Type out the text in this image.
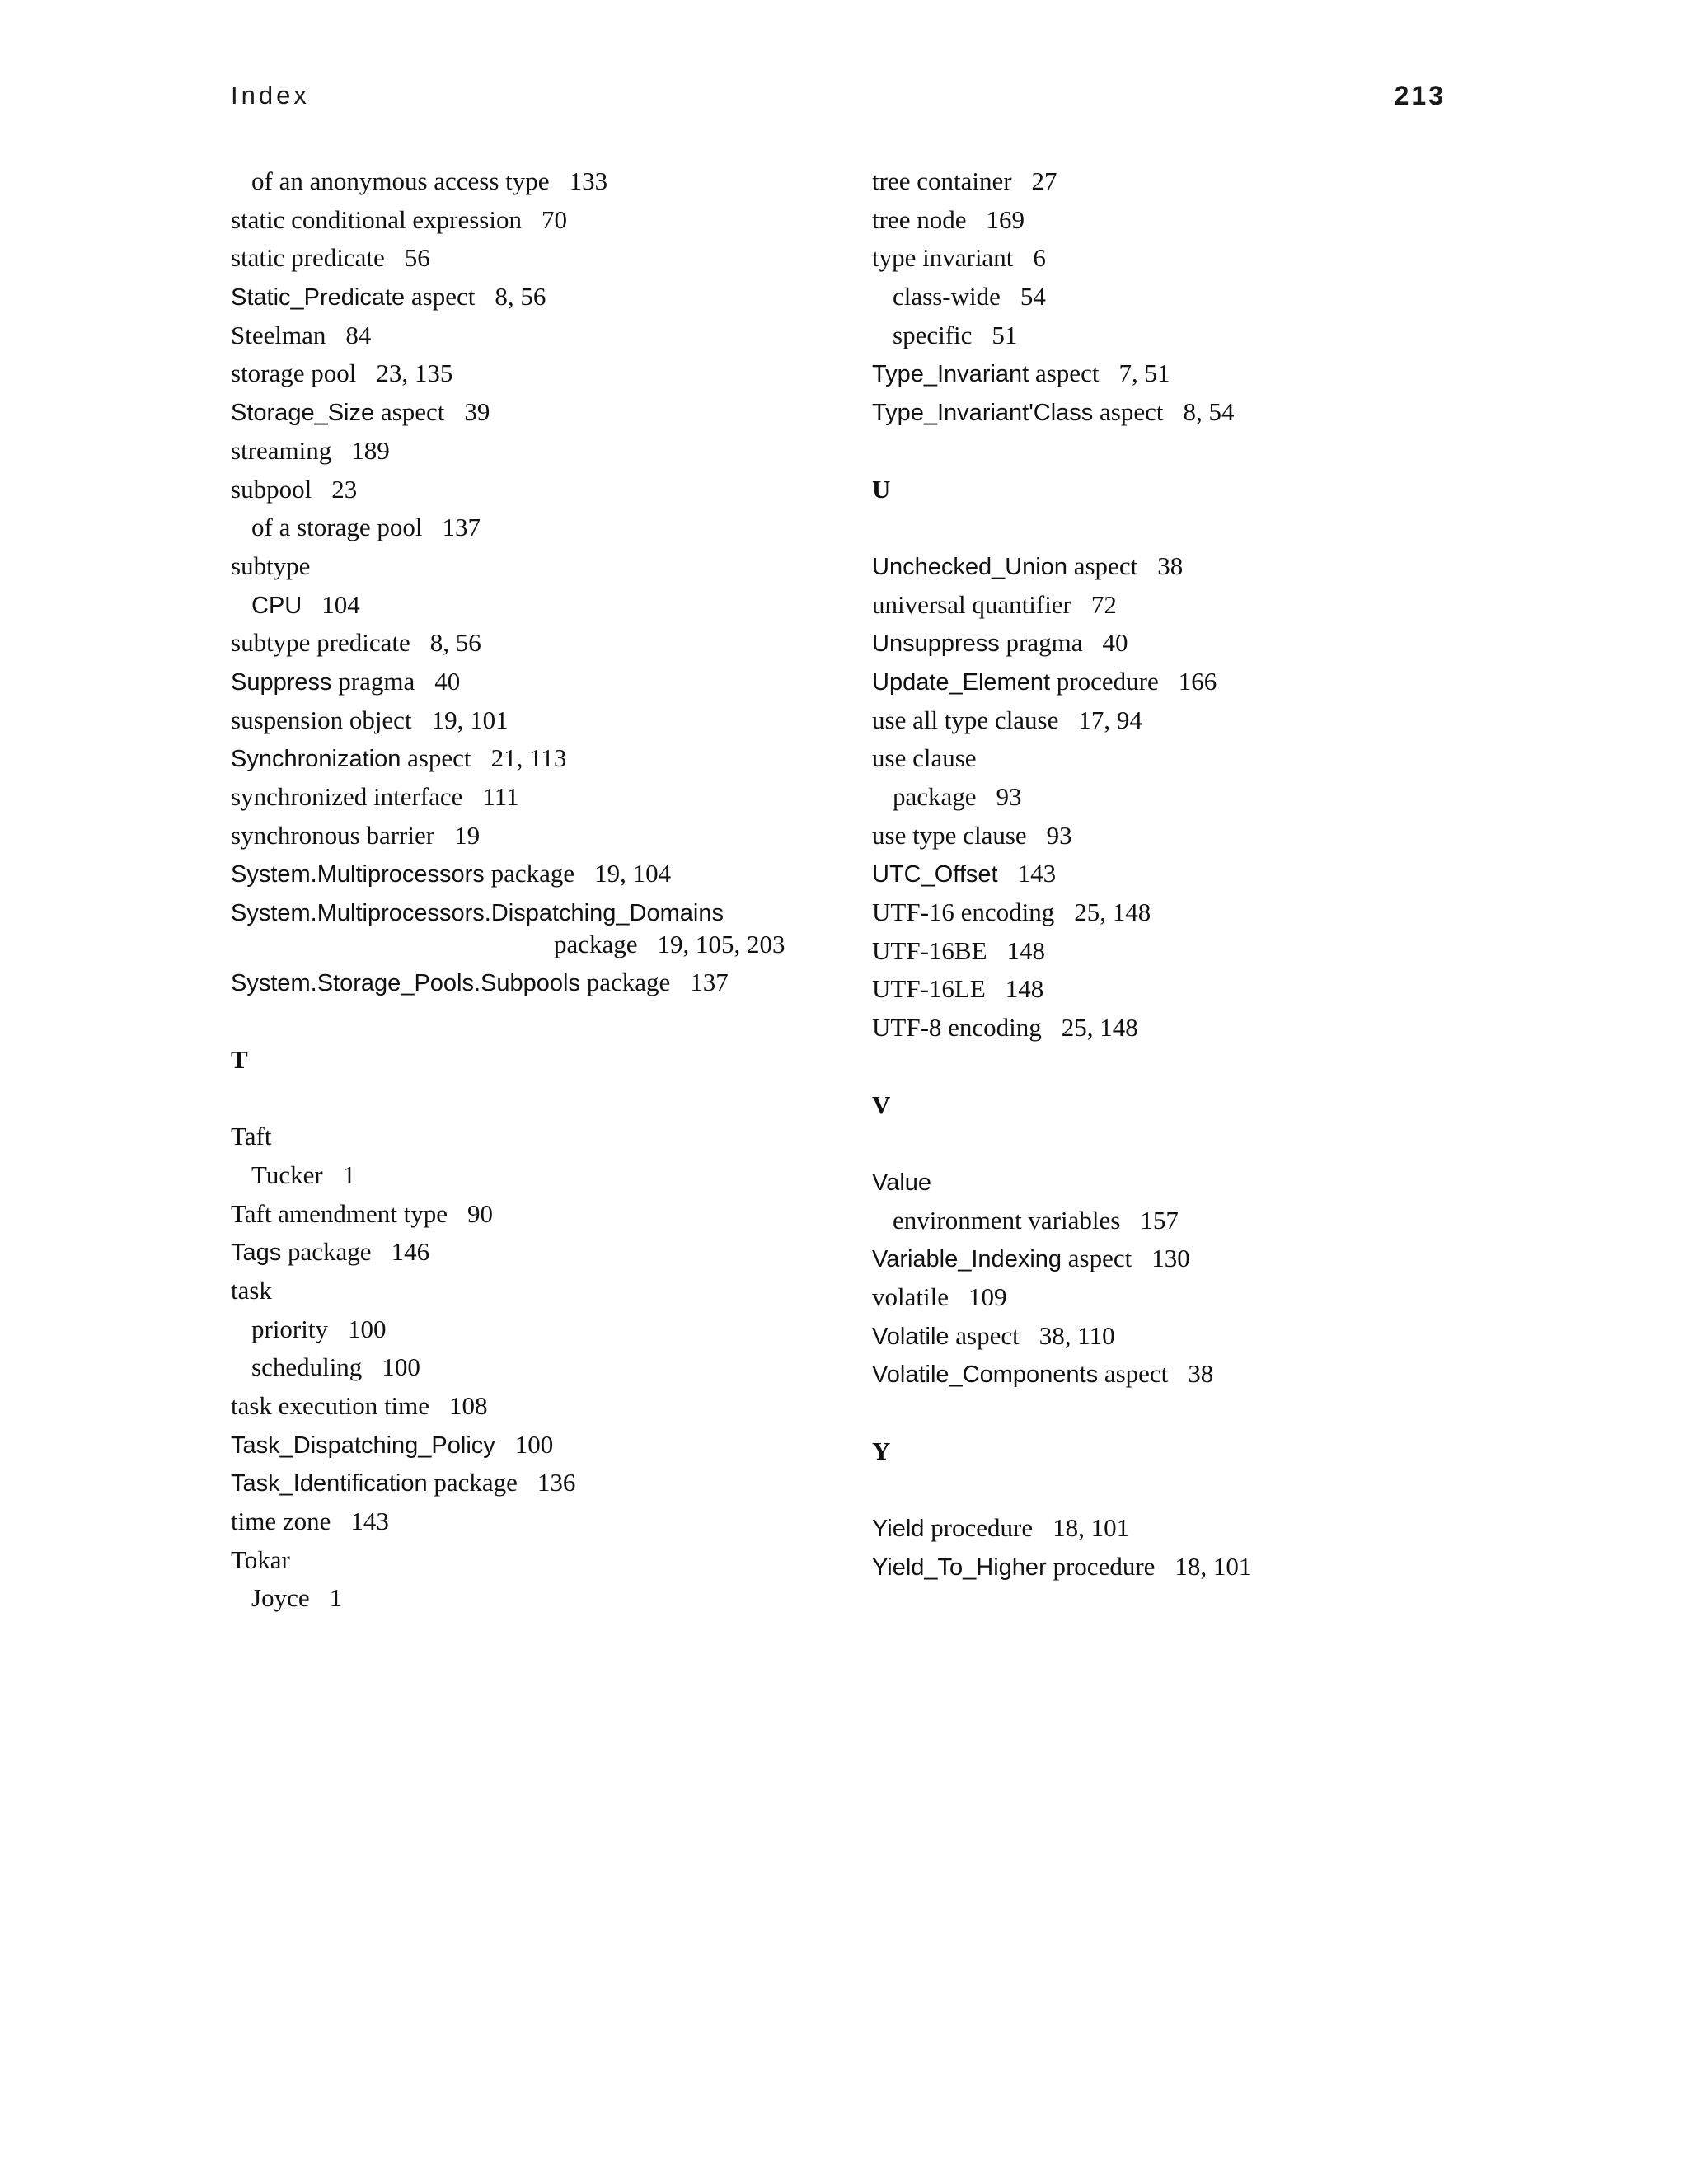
Index	213
of an anonymous access type 133
static conditional expression 70
static predicate 56
Static_Predicate aspect 8, 56
Steelman 84
storage pool 23, 135
Storage_Size aspect 39
streaming 189
subpool 23
of a storage pool 137
subtype
CPU 104
subtype predicate 8, 56
Suppress pragma 40
suspension object 19, 101
Synchronization aspect 21, 113
synchronized interface 111
synchronous barrier 19
System.Multiprocessors package 19, 104
System.Multiprocessors.Dispatching_Domains
package 19, 105, 203
System.Storage_Pools.Subpools package 137
T
Taft
Tucker 1
Taft amendment type 90
Tags package 146
task
priority 100
scheduling 100
task execution time 108
Task_Dispatching_Policy 100
Task_Identification package 136
time zone 143
Tokar
Joyce 1
tree container 27
tree node 169
type invariant 6
class-wide 54
specific 51
Type_Invariant aspect 7, 51
Type_Invariant'Class aspect 8, 54
U
Unchecked_Union aspect 38
universal quantifier 72
Unsuppress pragma 40
Update_Element procedure 166
use all type clause 17, 94
use clause
package 93
use type clause 93
UTC_Offset 143
UTF-16 encoding 25, 148
UTF-16BE 148
UTF-16LE 148
UTF-8 encoding 25, 148
V
Value
environment variables 157
Variable_Indexing aspect 130
volatile 109
Volatile aspect 38, 110
Volatile_Components aspect 38
Y
Yield procedure 18, 101
Yield_To_Higher procedure 18, 101
